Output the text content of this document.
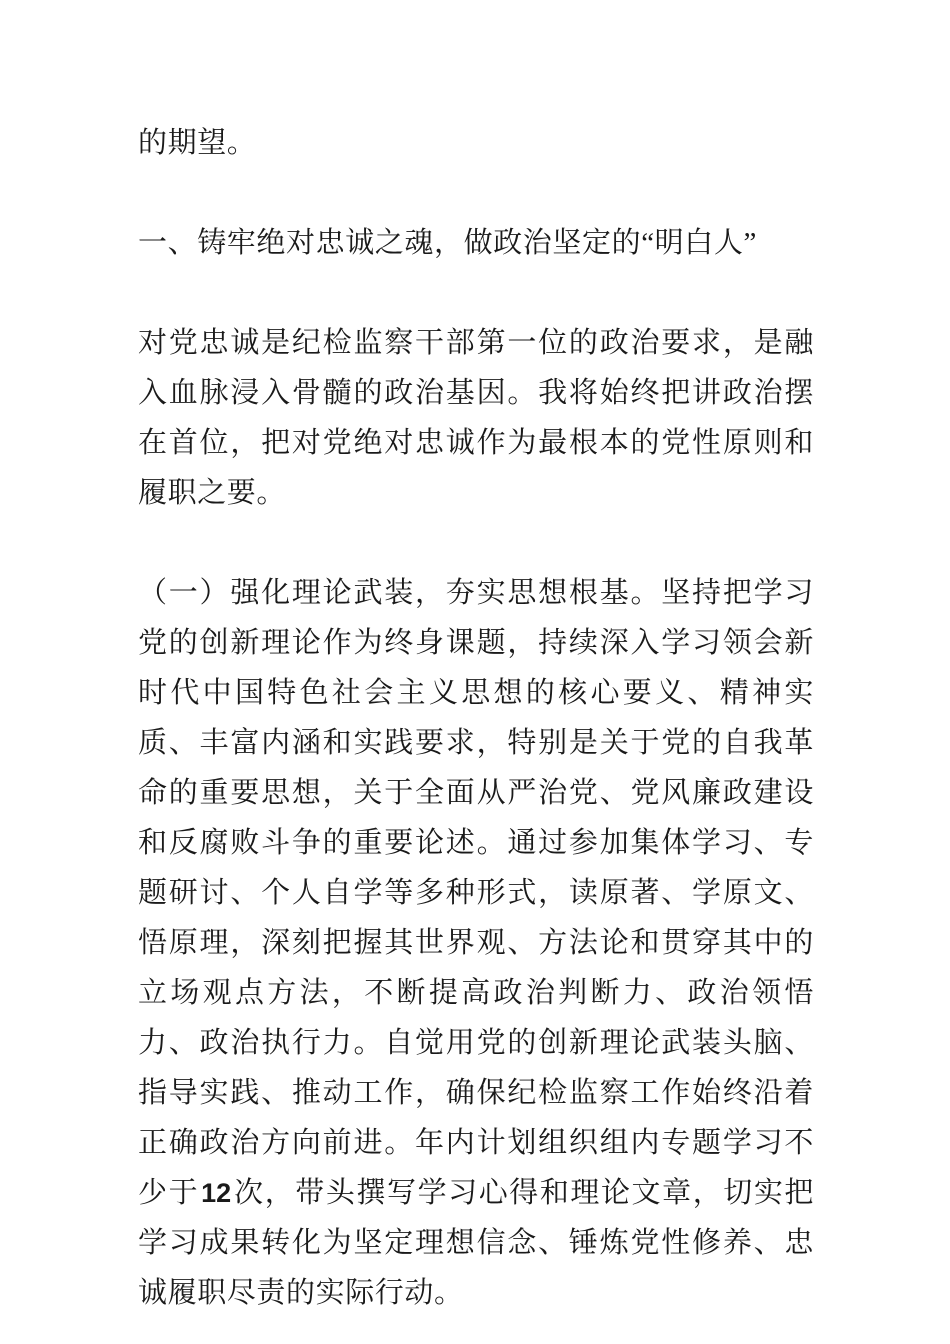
的期望。

一、铸牢绝对忠诚之魂，做政治坚定的“明白人”

对党忠诚是纪检监察干部第一位的政治要求，是融入血脉浸入骨髓的政治基因。我将始终把讲政治摆在首位，把对党绝对忠诚作为最根本的党性原则和履职之要。

（一）强化理论武装，夯实思想根基。坚持把学习党的创新理论作为终身课题，持续深入学习领会新时代中国特色社会主义思想的核心要义、精神实质、丰富内涵和实践要求，特别是关于党的自我革命的重要思想，关于全面从严治党、党风廉政建设和反腐败斗争的重要论述。通过参加集体学习、专题研讨、个人自学等多种形式，读原著、学原文、悟原理，深刻把握其世界观、方法论和贯穿其中的立场观点方法，不断提高政治判断力、政治领悟力、政治执行力。自觉用党的创新理论武装头脑、指导实践、推动工作，确保纪检监察工作始终沿着正确政治方向前进。年内计划组织组内专题学习不少于12次，带头撰写学习心得和理论文章，切实把学习成果转化为坚定理想信念、锤炼党性修养、忠诚履职尽责的实际行动。
